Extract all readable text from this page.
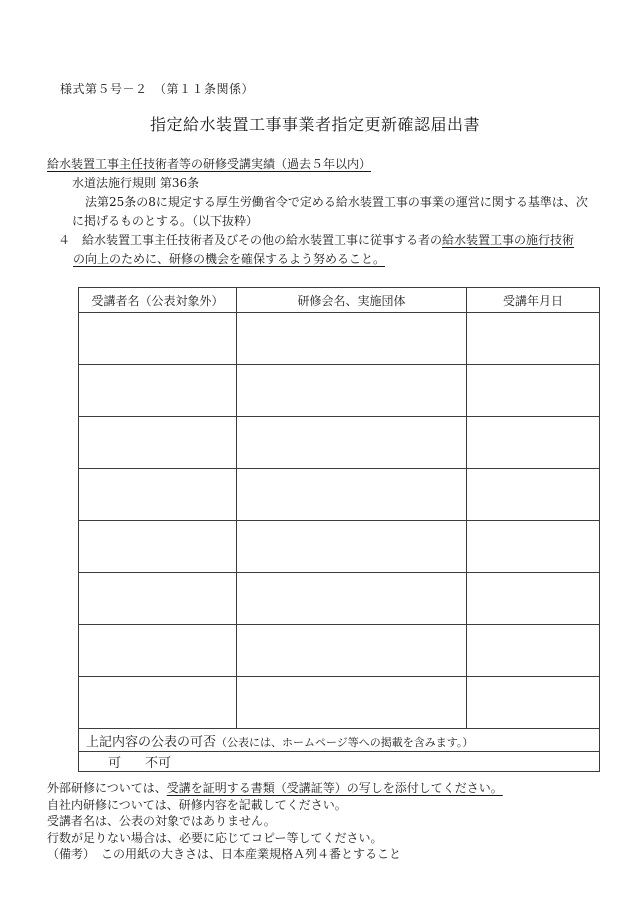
様式第５号－２　（第１１条関係）
指定給水装置工事事業者指定更新確認届出書
給水装置工事主任技術者等の研修受講実績（過去５年以内）
水道法施行規則 第36条
法第25条の8に規定する厚生労働省令で定める給水装置工事の事業の運営に関する基準は、次
に掲げるものとする。（以下抜粋）
４ 給水装置工事主任技術者及びその他の給水装置工事に従事する者の給水装置工事の施行技術
の向上のために、研修の機会を確保するよう努めること。
受講者名（公表対象外）	研修会名、実施団体	受講年月日

上記内容の公表の可否（公表には、ホームページ等への掲載を含みます。）		
可 不可		
外部研修については、受講を証明する書類（受講証等）の写しを添付してください。
自社内研修については、研修内容を記載してください。
受講者名は、公表の対象ではありません。
行数が足りない場合は、必要に応じてコピー等してください。
（備考）　この用紙の大きさは、日本産業規格Ａ列４番とすること
